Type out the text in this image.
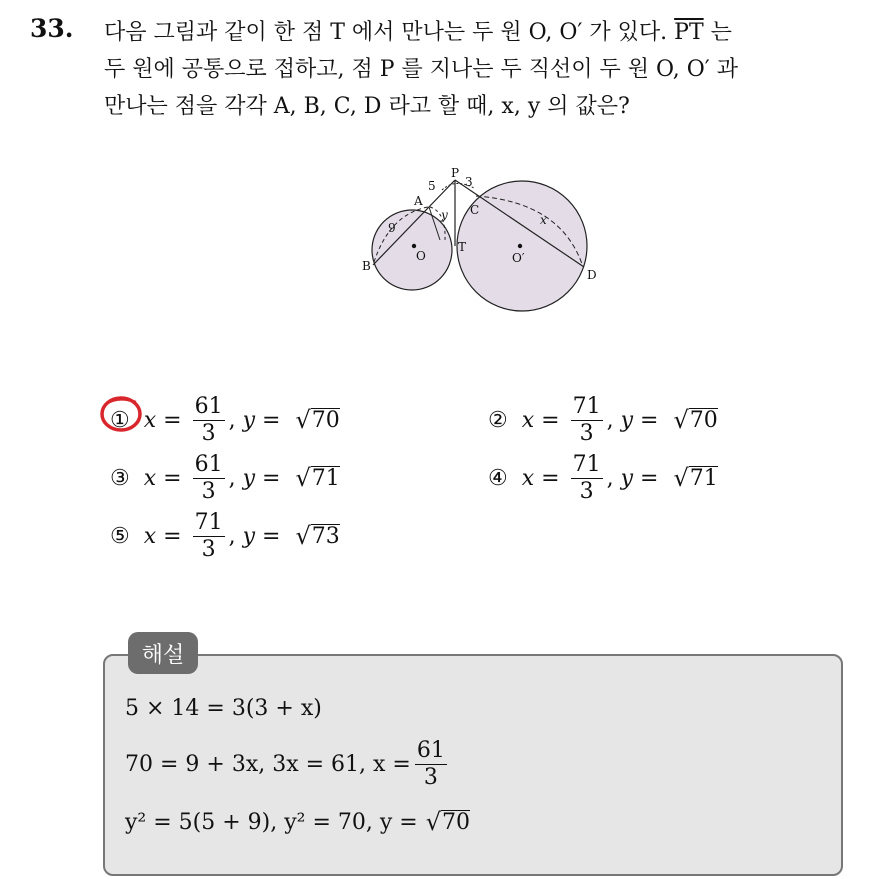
33. 다음 그림과 같이 한 점 T 에서 만나는 두 원 O, O′ 가 있다. $\overline{PT}$ 는
두 원에 공통으로 접하고, 점 P 를 지나는 두 직선이 두 원 O, O′ 과
만나는 점을 각각 A, B, C, D 라고 할 때, x, y 의 값은?
P
A
B
C
D
T
O	O′
5 3
9
x
y
① $x = \frac{61}{3}$ , y = √ 70	② $x = \frac{71}{3}$ , y = √ 70
③ $x = \frac{61}{3}$ , y = √ 71	④ $x = \frac{71}{3}$ , y = √ 71
⑤ $x = \frac{71}{3}$ , y = √ 73
해설
5 × 14 = 3(3 + x)
70 = 9 + 3x, 3x = 61, $x = \frac{61}{3}$
y² = 5(5 + 9), y² = 70, y = √ 70
